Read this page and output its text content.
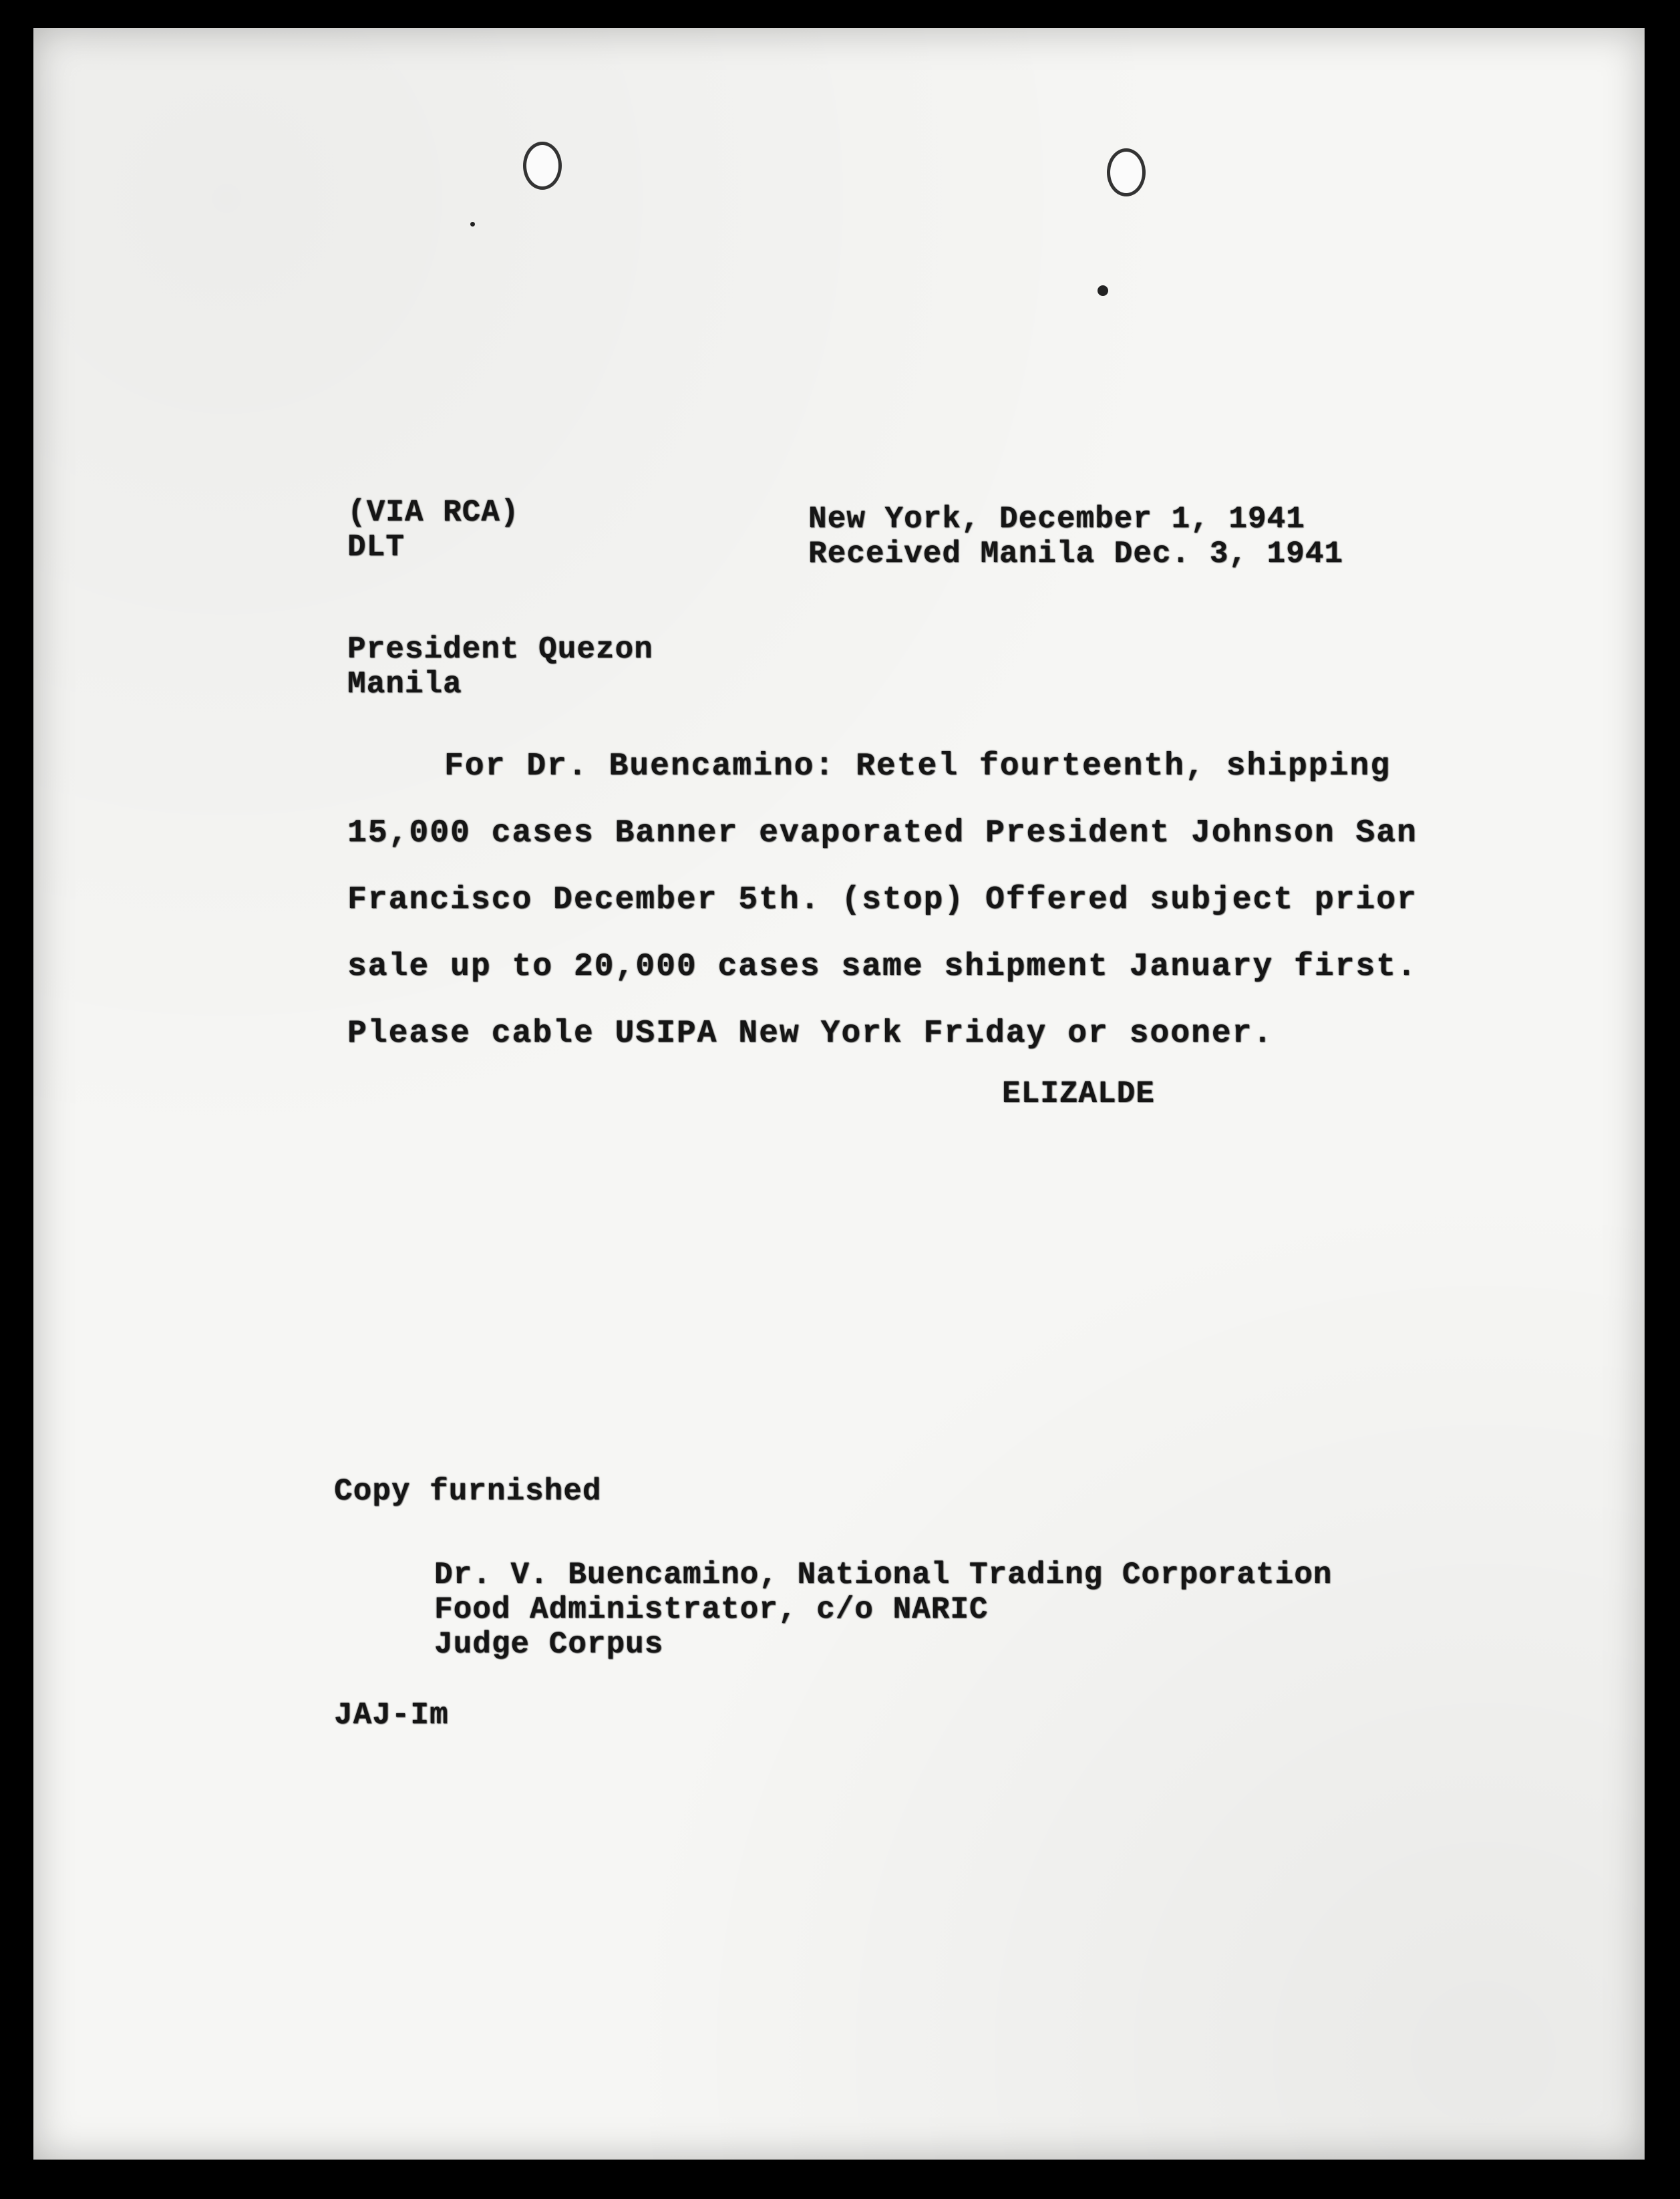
(VIA RCA)
DLT
New York, December 1, 1941
Received Manila Dec. 3, 1941
President Quezon
Manila
For Dr. Buencamino: Retel fourteenth, shipping
15,000 cases Banner evaporated President Johnson San
Francisco December 5th. (stop) Offered subject prior
sale up to 20,000 cases same shipment January first.
Please cable USIPA New York Friday or sooner.
ELIZALDE
Copy furnished
Dr. V. Buencamino, National Trading Corporation
Food Administrator, c/o NARIC
Judge Corpus
JAJ-Im
